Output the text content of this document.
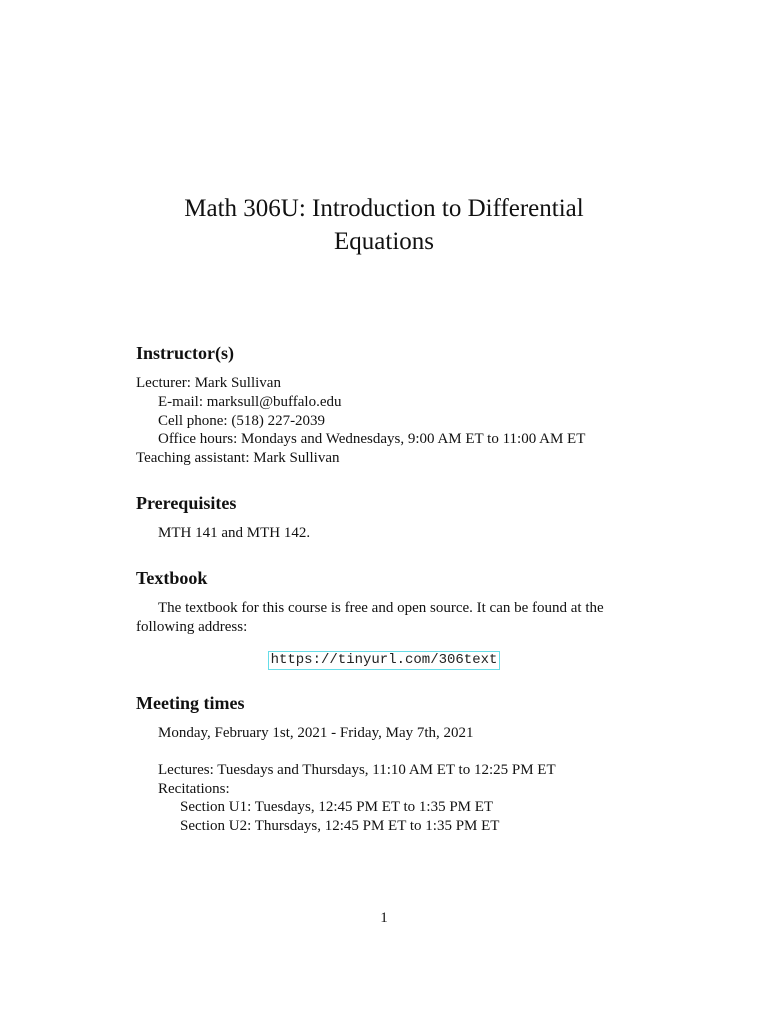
Math 306U: Introduction to Differential
Equations
Instructor(s)

Lecturer: Mark Sullivan

E-mail: marksull@buffalo.edu

Cell phone: (518) 227-2039

Office hours: Mondays and Wednesdays, 9:00 AM ET to 11:00 AM ET

Teaching assistant: Mark Sullivan

Prerequisites

MTH 141 and MTH 142.

Textbook

The textbook for this course is free and open source. It can be found at the

following address:

https://tinyurl.com/306text
Meeting times

Monday, February 1st, 2021 - Friday, May 7th, 2021

Lectures: Tuesdays and Thursdays, 11:10 AM ET to 12:25 PM ET

Recitations:

Section U1: Tuesdays, 12:45 PM ET to 1:35 PM ET

Section U2: Thursdays, 12:45 PM ET to 1:35 PM ET

1
